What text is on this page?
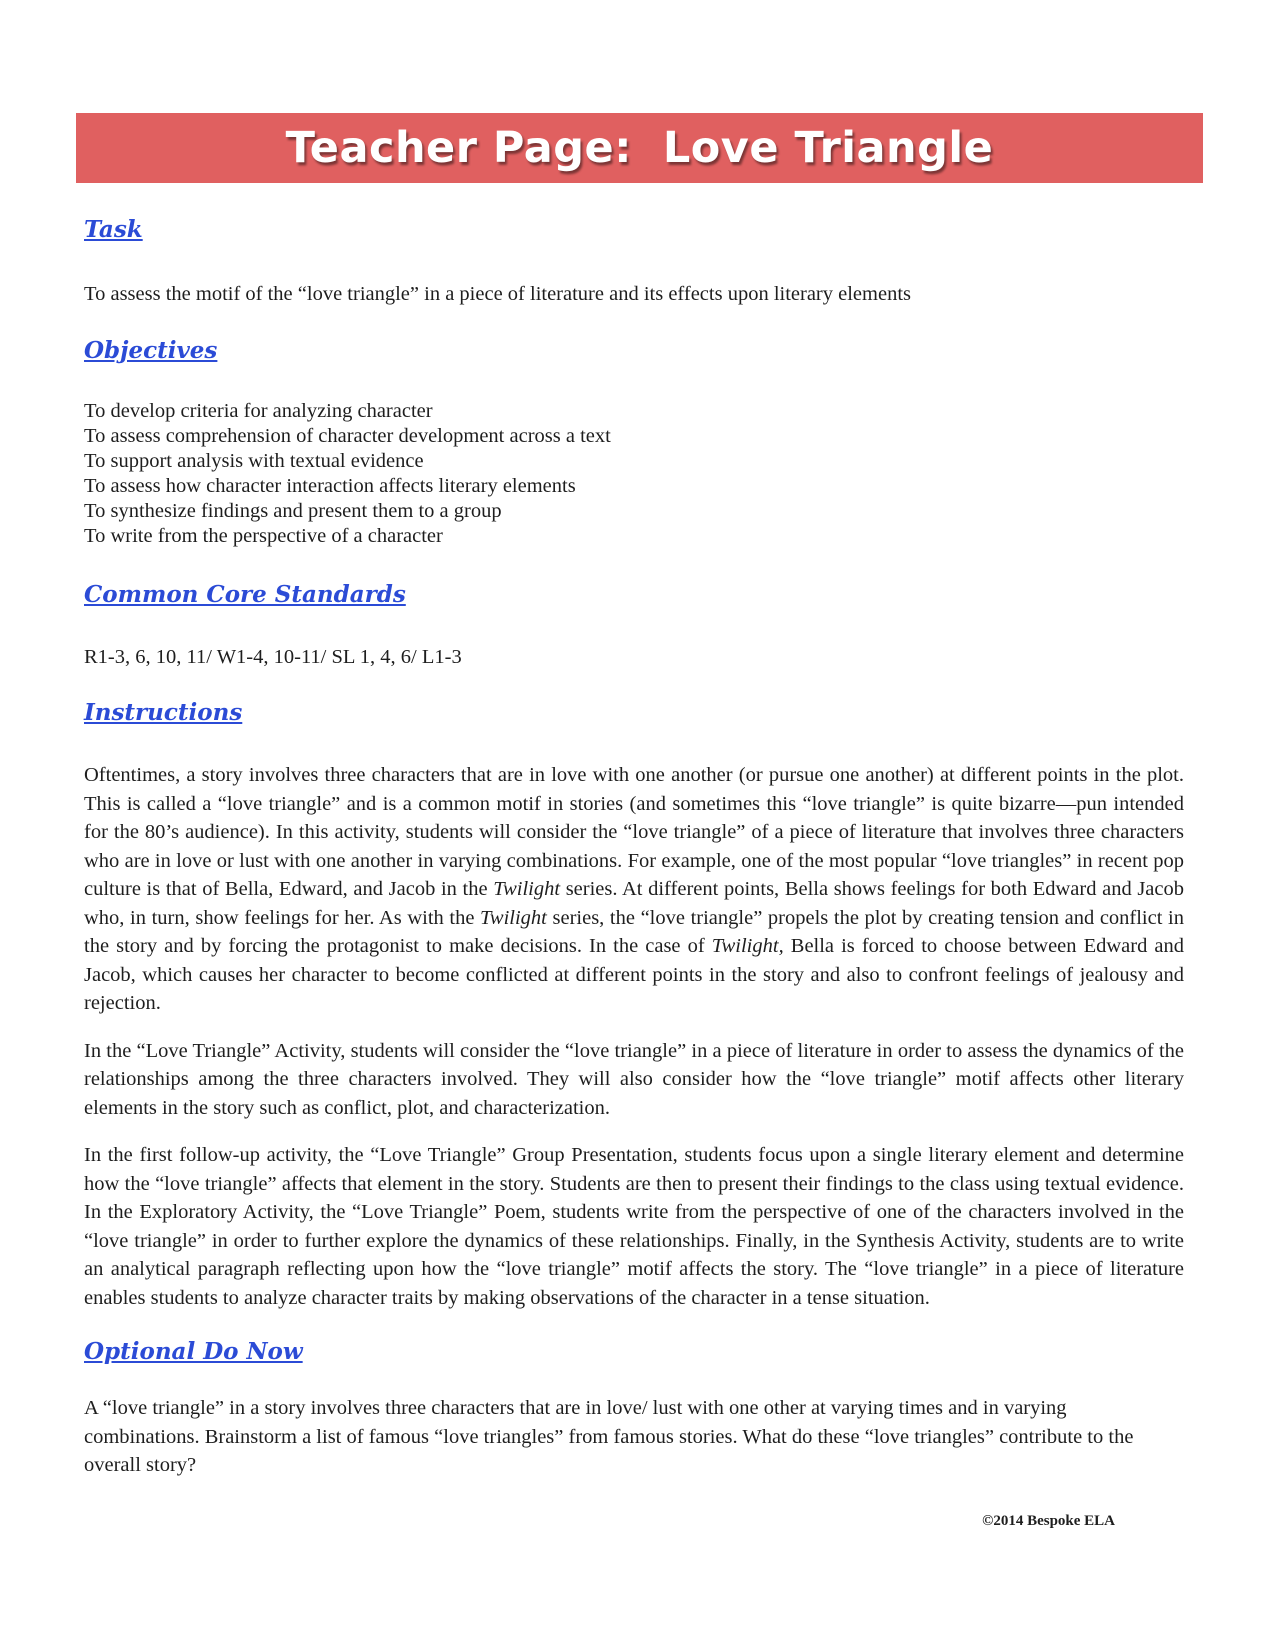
Teacher Page:  Love Triangle
Task

To assess the motif of the “love triangle” in a piece of literature and its effects upon literary elements

Objectives
To develop criteria for analyzing character
To assess comprehension of character development across a text
To support analysis with textual evidence
To assess how character interaction affects literary elements
To synthesize findings and present them to a group
To write from the perspective of a character
Common Core Standards

R1-3, 6, 10, 11/ W1-4, 10-11/ SL 1, 4, 6/ L1-3

Instructions

Oftentimes, a story involves three characters that are in love with one another (or pursue one another) at different points in the plot. This is called a “love triangle” and is a common motif in stories (and sometimes this “love triangle” is quite bizarre—pun intended for the 80’s audience). In this activity, students will consider the “love triangle” of a piece of literature that involves three characters who are in love or lust with one another in varying combinations. For example, one of the most popular “love triangles” in recent pop culture is that of Bella, Edward, and Jacob in the Twilight series. At different points, Bella shows feelings for both Edward and Jacob who, in turn, show feelings for her. As with the Twilight series, the “love triangle” propels the plot by creating tension and conflict in the story and by forcing the protagonist to make decisions. In the case of Twilight, Bella is forced to choose between Edward and Jacob, which causes her character to become conflicted at different points in the story and also to confront feelings of jealousy and rejection.

In the “Love Triangle” Activity, students will consider the “love triangle” in a piece of literature in order to assess the dynamics of the relationships among the three characters involved. They will also consider how the “love triangle” motif affects other literary elements in the story such as conflict, plot, and characterization.

In the first follow-up activity, the “Love Triangle” Group Presentation, students focus upon a single literary element and determine how the “love triangle” affects that element in the story. Students are then to present their findings to the class using textual evidence. In the Exploratory Activity, the “Love Triangle” Poem, students write from the perspective of one of the characters involved in the “love triangle” in order to further explore the dynamics of these relationships. Finally, in the Synthesis Activity, students are to write an analytical paragraph reflecting upon how the “love triangle” motif affects the story. The “love triangle” in a piece of literature enables students to analyze character traits by making observations of the character in a tense situation.

Optional Do Now

A “love triangle” in a story involves three characters that are in love/ lust with one other at varying times and in varying combinations. Brainstorm a list of famous “love triangles” from famous stories. What do these “love triangles” contribute to the overall story?

©2014 Bespoke ELA
